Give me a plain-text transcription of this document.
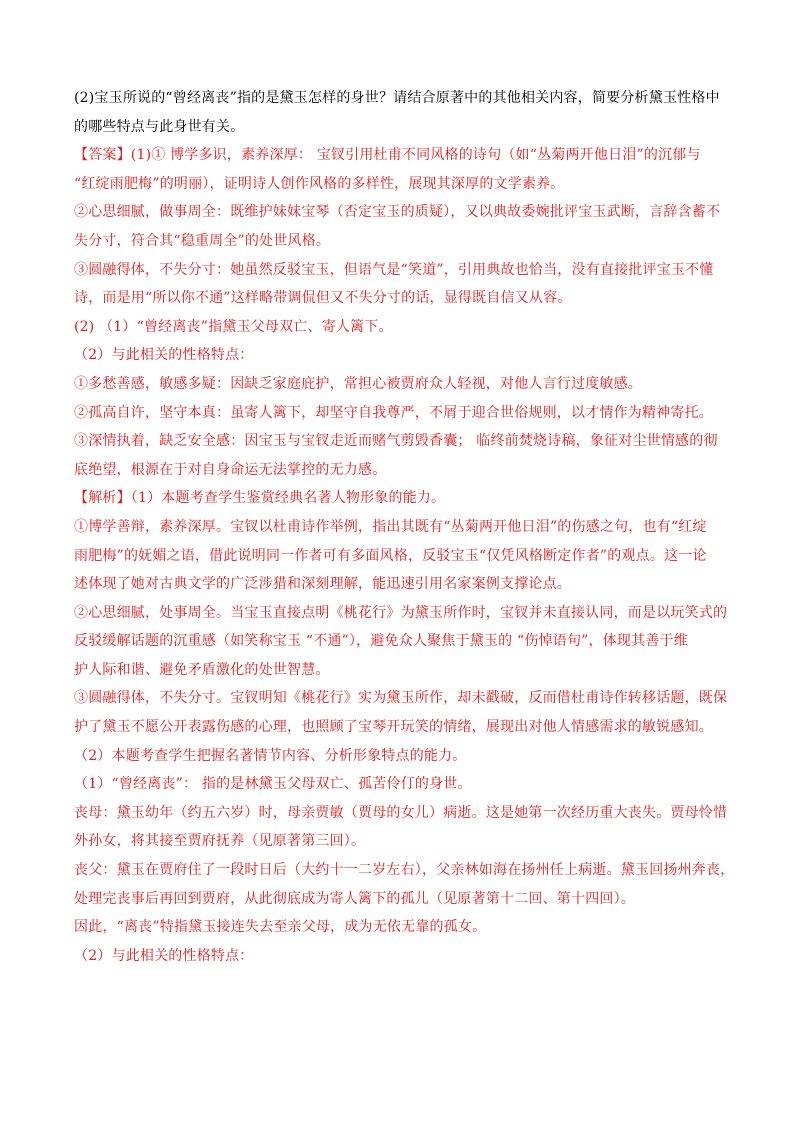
(2)宝玉所说的“曾经离丧”指的是黛玉怎样的身世？请结合原著中的其他相关内容，简要分析黛玉性格中
的哪些特点与此身世有关。
【答案】(1)① 博学多识，素养深厚： 宝钗引用杜甫不同风格的诗句（如“丛菊两开他日泪”的沉郁与
“红绽雨肥梅”的明丽），证明诗人创作风格的多样性，展现其深厚的文学素养。
②心思细腻，做事周全：既维护妹妹宝琴（否定宝玉的质疑），又以典故委婉批评宝玉武断，言辞含蓄不
失分寸，符合其“稳重周全”的处世风格。
③圆融得体，不失分寸：她虽然反驳宝玉，但语气是“笑道”，引用典故也恰当，没有直接批评宝玉不懂
诗，而是用“所以你不通”这样略带调侃但又不失分寸的话，显得既自信又从容。
(2) （1）“曾经离丧”指黛玉父母双亡、寄人篱下。
（2）与此相关的性格特点：
①多愁善感，敏感多疑：因缺乏家庭庇护，常担心被贾府众人轻视，对他人言行过度敏感。
②孤高自许，坚守本真：虽寄人篱下，却坚守自我尊严，不屑于迎合世俗规则，以才情作为精神寄托。
③深情执着，缺乏安全感：因宝玉与宝钗走近而赌气剪毁香囊； 临终前焚烧诗稿，象征对尘世情感的彻
底绝望，根源在于对自身命运无法掌控的无力感。
【解析】（1）本题考查学生鉴赏经典名著人物形象的能力。
①博学善辩，素养深厚。宝钗以杜甫诗作举例，指出其既有“丛菊两开他日泪”的伤感之句，也有“红绽
雨肥梅”的妩媚之语，借此说明同一作者可有多面风格，反驳宝玉“仅凭风格断定作者”的观点。这一论
述体现了她对古典文学的广泛涉猎和深刻理解，能迅速引用名家案例支撑论点。
②心思细腻，处事周全。当宝玉直接点明《桃花行》为黛玉所作时，宝钗并未直接认同，而是以玩笑式的
反驳缓解话题的沉重感（如笑称宝玉 “不通”），避免众人聚焦于黛玉的 “伤悼语句”，体现其善于维
护人际和谐、避免矛盾激化的处世智慧。
③圆融得体，不失分寸。宝钗明知《桃花行》实为黛玉所作，却未戳破，反而借杜甫诗作转移话题，既保
护了黛玉不愿公开表露伤感的心理，也照顾了宝琴开玩笑的情绪，展现出对他人情感需求的敏锐感知。
（2）本题考查学生把握名著情节内容、分析形象特点的能力。
（1）“曾经离丧”： 指的是林黛玉父母双亡、孤苦伶仃的身世。
丧母：黛玉幼年（约五六岁）时，母亲贾敏（贾母的女儿）病逝。这是她第一次经历重大丧失。贾母怜惜
外孙女，将其接至贾府抚养（见原著第三回）。
丧父：黛玉在贾府住了一段时日后（大约十一二岁左右），父亲林如海在扬州任上病逝。黛玉回扬州奔丧，
处理完丧事后再回到贾府，从此彻底成为寄人篱下的孤儿（见原著第十二回、第十四回）。
因此，“离丧”特指黛玉接连失去至亲父母，成为无依无靠的孤女。
（2）与此相关的性格特点：
